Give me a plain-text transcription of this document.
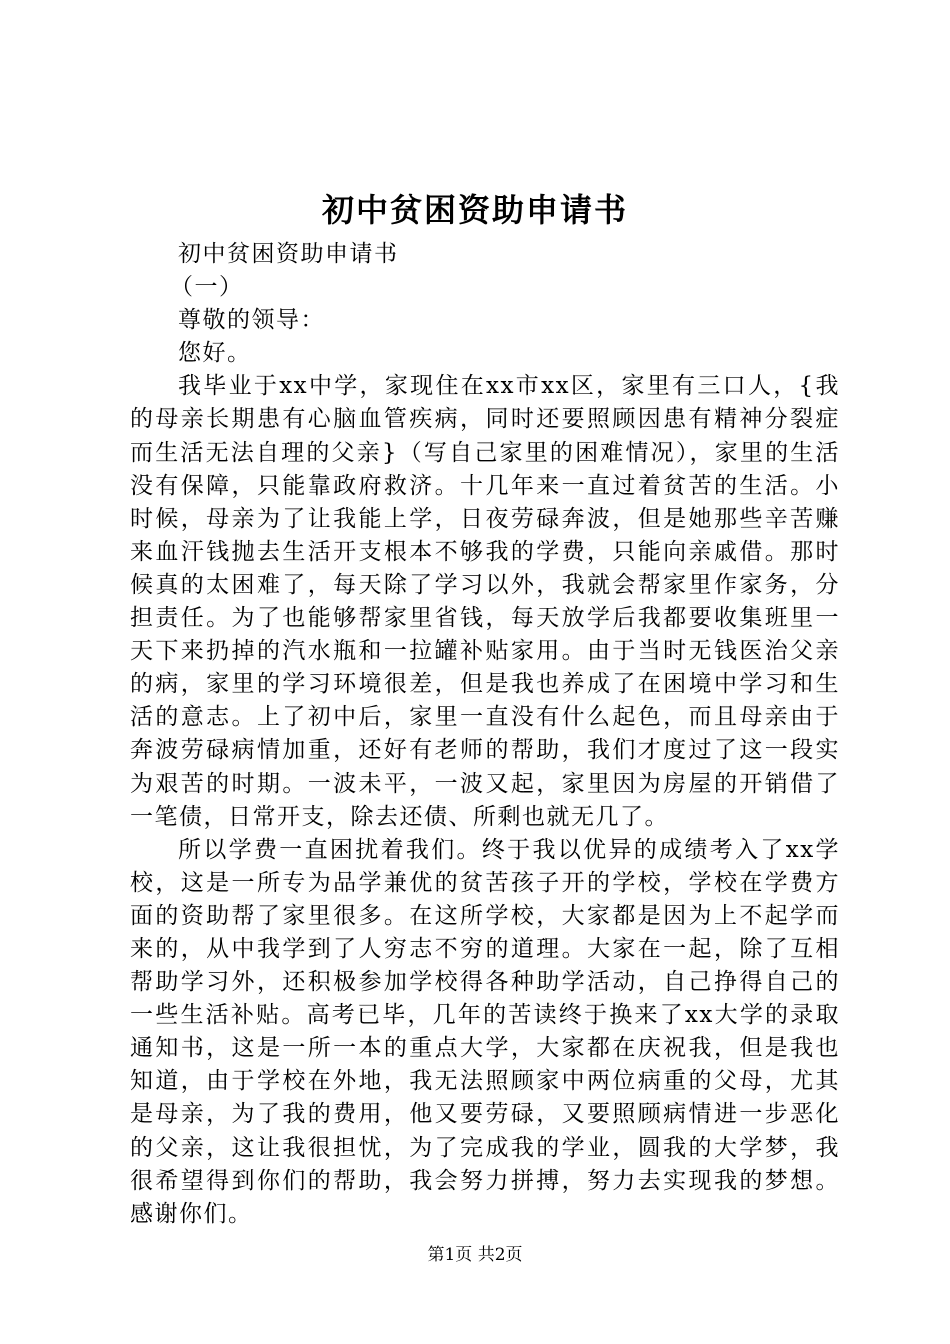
初中贫困资助申请书

初中贫困资助申请书

（一）

尊敬的领导：

您好。

我毕业于xx中学，家现住在xx市xx区，家里有三口人，{我的母亲长期患有心脑血管疾病，同时还要照顾因患有精神分裂症而生活无法自理的父亲}（写自己家里的困难情况），家里的生活没有保障，只能靠政府救济。十几年来一直过着贫苦的生活。小时候，母亲为了让我能上学，日夜劳碌奔波，但是她那些辛苦赚来血汗钱抛去生活开支根本不够我的学费，只能向亲戚借。那时候真的太困难了，每天除了学习以外，我就会帮家里作家务，分担责任。为了也能够帮家里省钱，每天放学后我都要收集班里一天下来扔掉的汽水瓶和一拉罐补贴家用。由于当时无钱医治父亲的病，家里的学习环境很差，但是我也养成了在困境中学习和生活的意志。上了初中后，家里一直没有什么起色，而且母亲由于奔波劳碌病情加重，还好有老师的帮助，我们才度过了这一段实为艰苦的时期。一波未平，一波又起，家里因为房屋的开销借了一笔债，日常开支，除去还债、所剩也就无几了。

所以学费一直困扰着我们。终于我以优异的成绩考入了xx学校，这是一所专为品学兼优的贫苦孩子开的学校，学校在学费方面的资助帮了家里很多。在这所学校，大家都是因为上不起学而来的，从中我学到了人穷志不穷的道理。大家在一起，除了互相帮助学习外，还积极参加学校得各种助学活动，自己挣得自己的一些生活补贴。高考已毕，几年的苦读终于换来了xx大学的录取通知书，这是一所一本的重点大学，大家都在庆祝我，但是我也知道，由于学校在外地，我无法照顾家中两位病重的父母，尤其是母亲，为了我的费用，他又要劳碌，又要照顾病情进一步恶化的父亲，这让我很担忧，为了完成我的学业，圆我的大学梦，我很希望得到你们的帮助，我会努力拼搏，努力去实现我的梦想。感谢你们。

第1页 共2页
